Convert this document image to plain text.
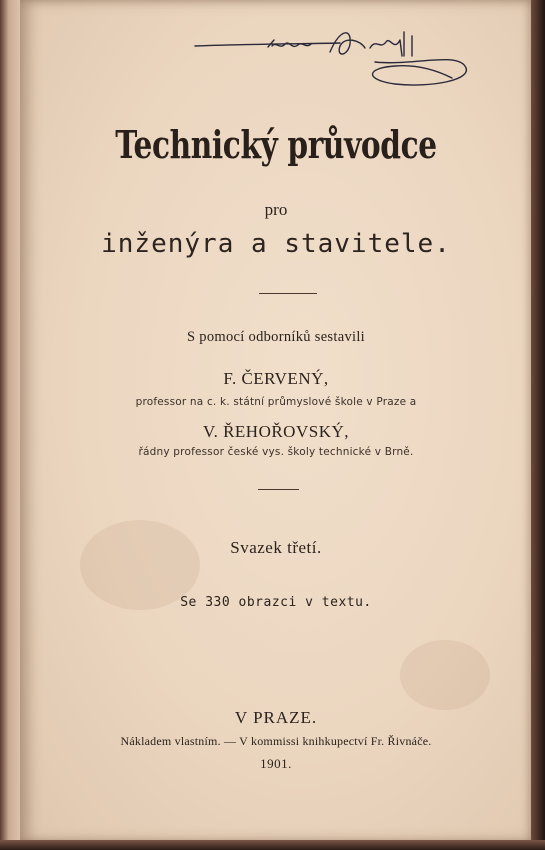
Technický průvodce
pro
inženýra a stavitele.
S pomocí odborníků sestavili
F. ČERVENÝ,
professor na c. k. státní průmyslové škole v Praze a
V. ŘEHOŘOVSKÝ,
řádny professor české vys. školy technické v Brně.
Svazek třetí.
Se 330 obrazci v textu.
V PRAZE.
Nákladem vlastním. — V kommissi knihkupectví Fr. Řivnáče.
1901.
